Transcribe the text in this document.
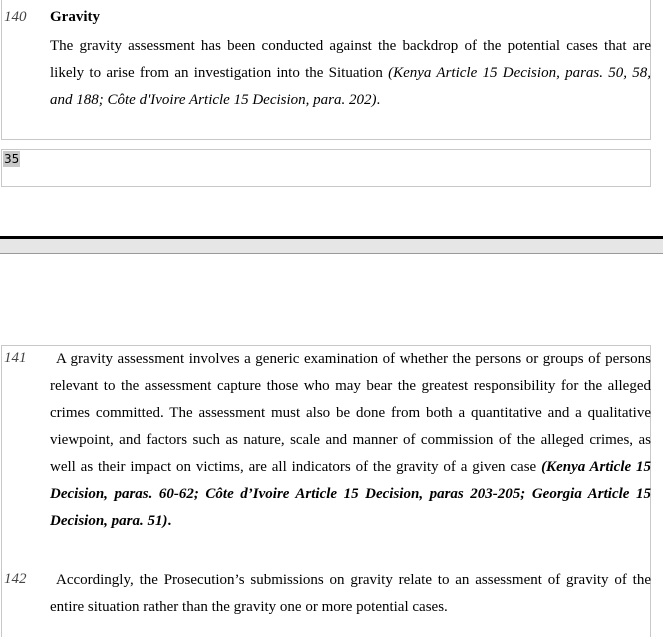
140 Gravity
The gravity assessment has been conducted against the backdrop of the potential cases that are likely to arise from an investigation into the Situation (Kenya Article 15 Decision, paras. 50, 58, and 188; Côte d'Ivoire Article 15 Decision, para. 202).
35
141	A gravity assessment involves a generic examination of whether the persons or groups of persons relevant to the assessment capture those who may bear the greatest responsibility for the alleged crimes committed. The assessment must also be done from both a quantitative and a qualitative viewpoint, and factors such as nature, scale and manner of commission of the alleged crimes, as well as their impact on victims, are all indicators of the gravity of a given case (Kenya Article 15 Decision, paras. 60-62; Côte d’Ivoire Article 15 Decision, paras 203-205; Georgia Article 15 Decision, para. 51).
142	Accordingly, the Prosecution’s submissions on gravity relate to an assessment of gravity of the entire situation rather than the gravity one or more potential cases.
